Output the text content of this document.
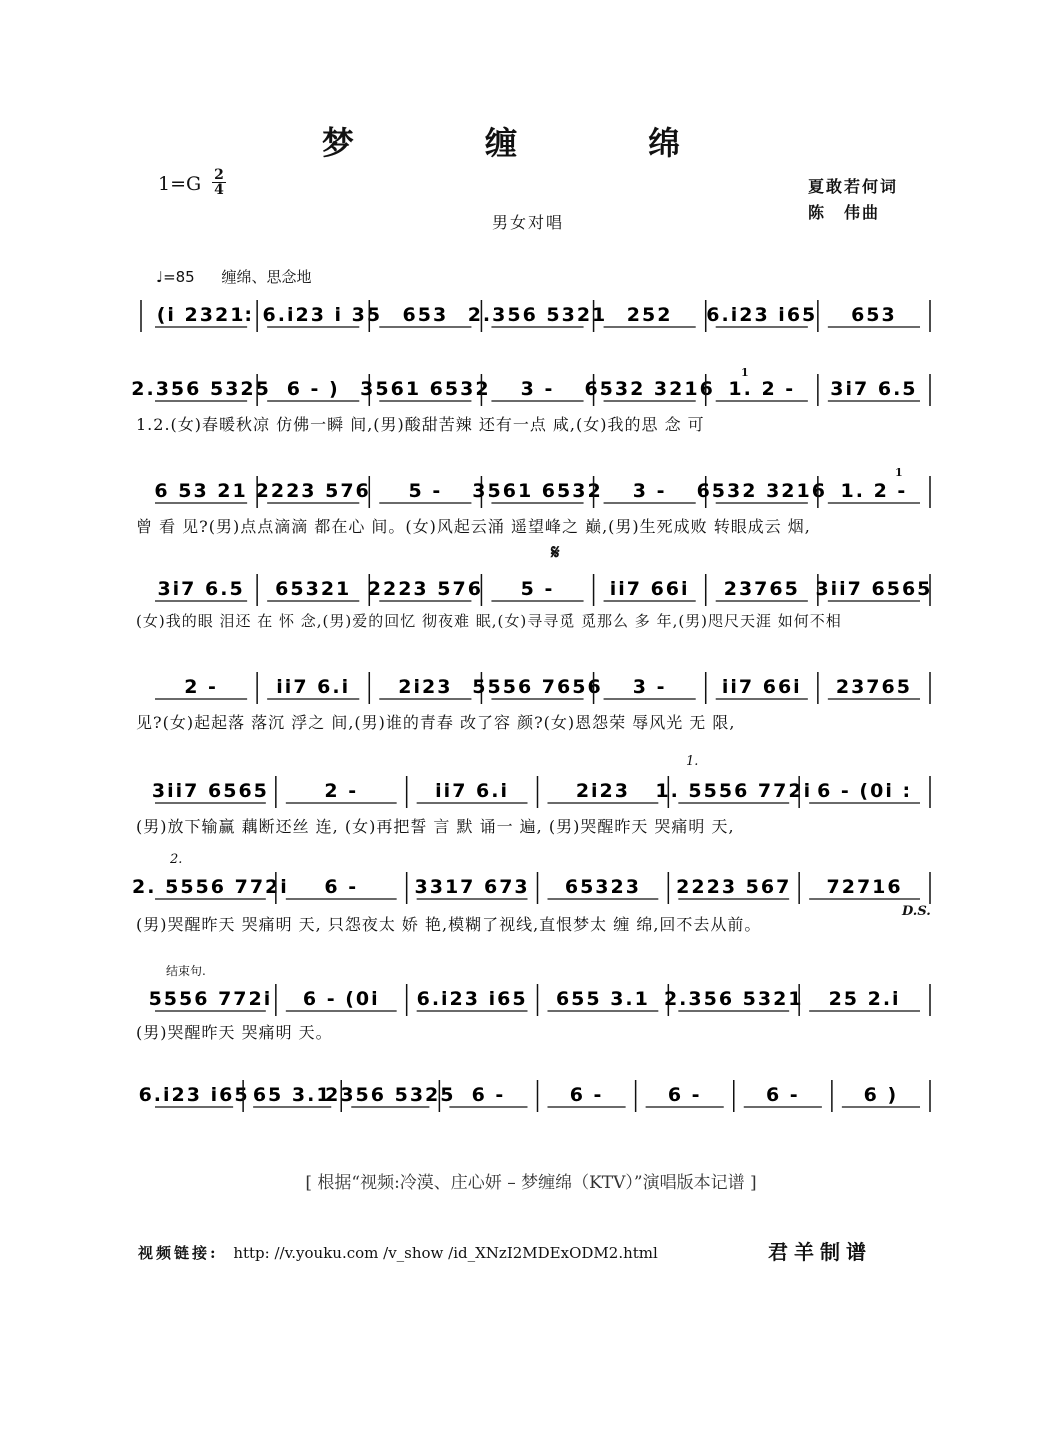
梦 缠 绵
1=G 2
4	夏敢若何词
陈　伟曲
男女对唱
♩=85 缠绵、思念地
(i 2321
: 6.i23 i 35 653 2.356 5321 252 6.i23 i65 653
2.356 5325 6 - ) 3561 6532 3 - 6532 3216 1. 2 - 3i7 6.5
6 53 21 2223 576 5 - 3561 6532 3 - 6532 3216 1. 2 -
3i7 6.5 65321 2223 576 5 -	ii7 66i 23765 3ii7 6565
2 -	ii7 6.i	2i23 5556 7656 3 -	ii7 66i 23765
3ii7 6565	2 -	ii7 6.i	2i23 1. 5556 772i 6 - (0i :
2. 5556 772i 6 -	3317 673 65323 2223 567 72716
5556 772i 6 - (0i 6.i23 i65 655 3.1 2.356 5321 25 2.i
6.i23 i65 65 3.1
2356 5325 6 -	6 -	6 -	6 -	6 )
𝄋
D.S.
1.
2.
结束句.
1
1
[ 根据“视频:冷漠、庄心妍 – 梦缠绵（KTV）”演唱版本记谱 ]
视频链接: http: //v.youku.com /v_show /id_XNzI2MDExODM2.html	君羊制谱
1.2.(女)春暖秋凉 仿佛一瞬 间,(男)酸甜苦辣 还有一点 咸,(女)我的思 念 可
曾 看 见?(男)点点滴滴 都在心 间。(女)风起云涌 遥望峰之 巅,(男)生死成败 转眼成云 烟,
(女)我的眼 泪还 在 怀 念,(男)爱的回忆 彻夜难 眠,(女)寻寻觅 觅那么 多 年,(男)咫尺天涯 如何不相
见?(女)起起落 落沉 浮之 间,(男)谁的青春 改了容 颜?(女)恩怨荣 辱风光 无 限,
(男)放下输赢 藕断还丝 连, (女)再把誓 言 默 诵一 遍, (男)哭醒昨天 哭痛明 天,
(男)哭醒昨天 哭痛明 天, 只怨夜太 娇 艳,模糊了视线,直恨梦太 缠 绵,回不去从前。
(男)哭醒昨天 哭痛明 天。
